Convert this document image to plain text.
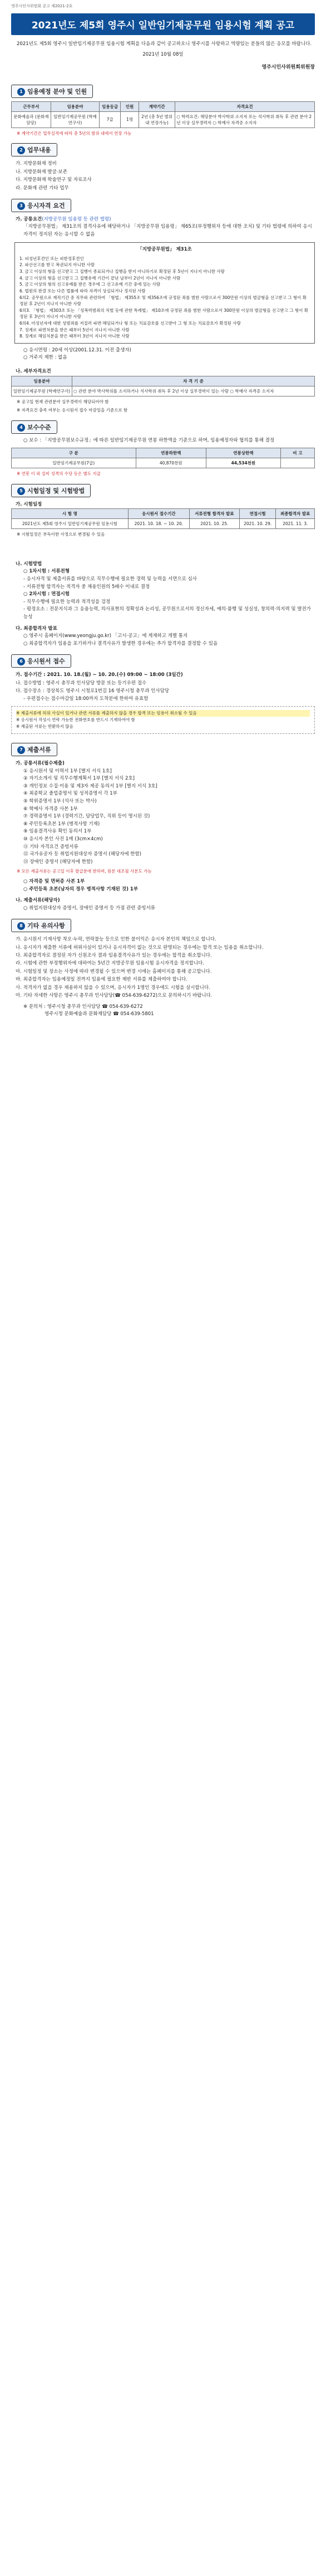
영주시인사위원회 공고 제2021-2호
2021년도 제5회 영주시 일반임기제공무원 임용시험 계획 공고
2021년도 제5회 영주시 일반임기제공무원 임용시험 계획을 다음과 같이 공고하오니 영주시를 사랑하고 역량있는 분들의 많은 응모를 바랍니다.
2021년 10월 08일
영주시인사위원회위원장
1 임용예정 분야 및 인원
근무부서	임용분야	임용등급	인원	계약기간	자격요건
문화예술과 (문화재담당)	일반임기제공무원 (학예연구사)	7급	1명	2년 (총 5년 범위내 연장가능)	○ 학력요건: 해당분야 박사학위 소지자 또는 석사학위 취득 후 관련 분야 2년 이상 실무경력자 ○ 학예사 자격증 소지자
※ 계약기간은 업무실적에 따라 총 5년의 범위 내에서 연장 가능
2 업무내용
가. 지방문화재 정비
나. 지방문화재 발굴·보존
다. 지방문화재 학술연구 및 자료조사
라. 문화재 관련 기타 업무
3 응시자격 요건
가. 공통요건(지방공무원 임용령 등 관련 법령)
「지방공무원법」 제31조의 결격사유에 해당하거나 「지방공무원 임용령」 제65조(부정행위자 등에 대한 조치) 및 기타 법령에 의하여 응시자격이 정지된 자는 응시할 수 없음
「지방공무원법」 제31조
1. 피성년후견인 또는 피한정후견인
2. 파산선고를 받고 복권되지 아니한 사람
3. 금고 이상의 형을 선고받고 그 집행이 종료되거나 집행을 받지 아니하기로 확정된 후 5년이 지나지 아니한 사람
4. 금고 이상의 형을 선고받고 그 집행유예 기간이 끝난 날부터 2년이 지나지 아니한 사람
5. 금고 이상의 형의 선고유예를 받은 경우에 그 선고유예 기간 중에 있는 사람
6. 법원의 판결 또는 다른 법률에 따라 자격이 상실되거나 정지된 사람
6의2. 공무원으로 재직기간 중 직무와 관련하여 「형법」 제355조 및 제356조에 규정된 죄를 범한 사람으로서 300만원 이상의 벌금형을 선고받고 그 형이 확정된 후 2년이 지나지 아니한 사람
6의3. 「형법」 제303조 또는 「성폭력범죄의 처벌 등에 관한 특례법」 제10조에 규정된 죄를 범한 사람으로서 300만원 이상의 벌금형을 선고받고 그 형이 확정된 후 3년이 지나지 아니한 사람
6의4. 미성년자에 대한 성범죄를 저질러 파면·해임되거나 형 또는 치료감호를 선고받아 그 형 또는 치료감호가 확정된 사람
7. 징계로 파면처분을 받은 때부터 5년이 지나지 아니한 사람
8. 징계로 해임처분을 받은 때부터 3년이 지나지 아니한 사람
○ 응시연령 : 20세 이상(2001.12.31. 이전 출생자)
○ 거주지 제한 : 없음
나. 세부자격요건
임용분야	자 격 기 준
일반임기제공무원 (학예연구사)	○ 관련 분야 박사학위를 소지하거나 석사학위 취득 후 2년 이상 실무경력이 있는 사람 ○ 학예사 자격증 소지자
※ 공고일 현재 관련분야 실무경력이 해당되어야 함
※ 자격요건 충족 여부는 응시원서 접수 마감일을 기준으로 함
4 보수수준
○ 보수 : 「지방공무원보수규정」에 따른 일반임기제공무원 연봉 하한액을 기준으로 하며, 임용예정자와 협의를 통해 결정
구 분	연봉하한액	연봉상한액	비 고
일반임기제공무원(7급)	40,870천원	44,534천원	
※ 연봉 이 외 실비 성격의 수당 등은 별도 지급
5 시험일정 및 시험방법
가. 시험일정
시 험 명	응시원서 접수기간	서류전형 합격자 발표	면접시험	최종합격자 발표
2021년도 제5회 영주시 일반임기제공무원 임용시험	2021. 10. 18. ~ 10. 20.	2021. 10. 25.	2021. 10. 29.	2021. 11. 3.
※ 시험일정은 부득이한 사정으로 변경될 수 있음
나. 시험방법
○ 1차시험 : 서류전형
- 응시자격 및 제출서류를 바탕으로 직무수행에 필요한 경력 및 능력을 서면으로 심사
- 서류전형 합격자는 적격자 중 채용인원의 5배수 이내로 결정
○ 2차시험 : 면접시험
- 직무수행에 필요한 능력과 적격성을 검정
- 평정요소 : 전문지식과 그 응용능력, 의사표현의 정확성과 논리성, 공무원으로서의 정신자세, 예의·품행 및 성실성, 창의력·의지력 및 발전가능성
다. 최종합격자 발표
○ 영주시 홈페이지(www.yeongju.go.kr) 「고시·공고」에 게재하고 개별 통지
○ 최종합격자가 임용을 포기하거나 결격사유가 발생한 경우에는 추가 합격자를 결정할 수 있음
6 응시원서 접수
가. 접수기간 : 2021. 10. 18.(월) ~ 10. 20.(수) 09:00 ~ 18:00 (3일간)
나. 접수방법 : 영주시 총무과 인사담당 방문 또는 등기우편 접수
다. 접수장소 : 경상북도 영주시 시청로1번길 16 영주시청 총무과 인사담당
- 우편접수는 접수마감일 18:00까지 도착분에 한하여 유효함
※ 제출서류에 허위 사실이 있거나 관련 서류를 제출하지 않을 경우 합격 또는 임용이 취소될 수 있음
※ 응시원서 작성시 연락 가능한 전화번호를 반드시 기재하여야 함
※ 제출된 서류는 반환하지 않음
7 제출서류
가. 공통서류(필수제출)
① 응시원서 및 이력서 1부 [별지 서식 1호]
② 자기소개서 및 직무수행계획서 1부 [별지 서식 2호]
③ 개인정보 수집·이용 및 제3자 제공 동의서 1부 [별지 서식 3호]
④ 최종학교 졸업증명서 및 성적증명서 각 1부
⑤ 학위증명서 1부 (석사 또는 박사)
⑥ 학예사 자격증 사본 1부
⑦ 경력증명서 1부 (경력기간, 담당업무, 직위 등이 명시된 것)
⑧ 주민등록초본 1부 (병적사항 기재)
⑨ 임용결격사유 확인 동의서 1부
⑩ 응시자 본인 사진 1매 (3cm×4cm)
⑪ 기타 자격요건 증빙서류
⑫ 국가유공자 등 취업지원대상자 증명서 (해당자에 한함)
⑬ 장애인 증명서 (해당자에 한함)
※ 모든 제출서류는 공고일 이후 발급분에 한하며, 원본 대조필 사본도 가능
○ 자격증 및 면허증 사본 1부
○ 주민등록 초본(남자의 경우 병적사항 기재된 것) 1부
나. 제출서류(해당자)
○ 취업지원대상자 증명서, 장애인 증명서 등 가점 관련 증빙서류
8 기타 유의사항
가. 응시원서 기재사항 착오·누락, 연락불능 등으로 인한 불이익은 응시자 본인의 책임으로 합니다.
나. 응시자가 제출한 서류에 허위사실이 있거나 응시자격이 없는 것으로 판명되는 경우에는 합격 또는 임용을 취소합니다.
다. 최종합격자로 결정된 자가 신원조사 결과 임용결격사유가 있는 경우에는 합격을 취소합니다.
라. 시험에 관한 부정행위자에 대하여는 5년간 지방공무원 임용시험 응시자격을 정지합니다.
마. 시험일정 및 장소는 사정에 따라 변경될 수 있으며 변경 시에는 홈페이지를 통해 공고합니다.
바. 최종합격자는 임용예정일 전까지 임용에 필요한 제반 서류를 제출하여야 합니다.
사. 적격자가 없을 경우 채용하지 않을 수 있으며, 응시자가 1명인 경우에도 시험을 실시합니다.
아. 기타 자세한 사항은 영주시 총무과 인사담당(☎ 054-639-6272)으로 문의하시기 바랍니다.
※ 문의처 : 영주시청 총무과 인사담당 ☎ 054-639-6272
영주시청 문화예술과 문화재담당 ☎ 054-639-5801
